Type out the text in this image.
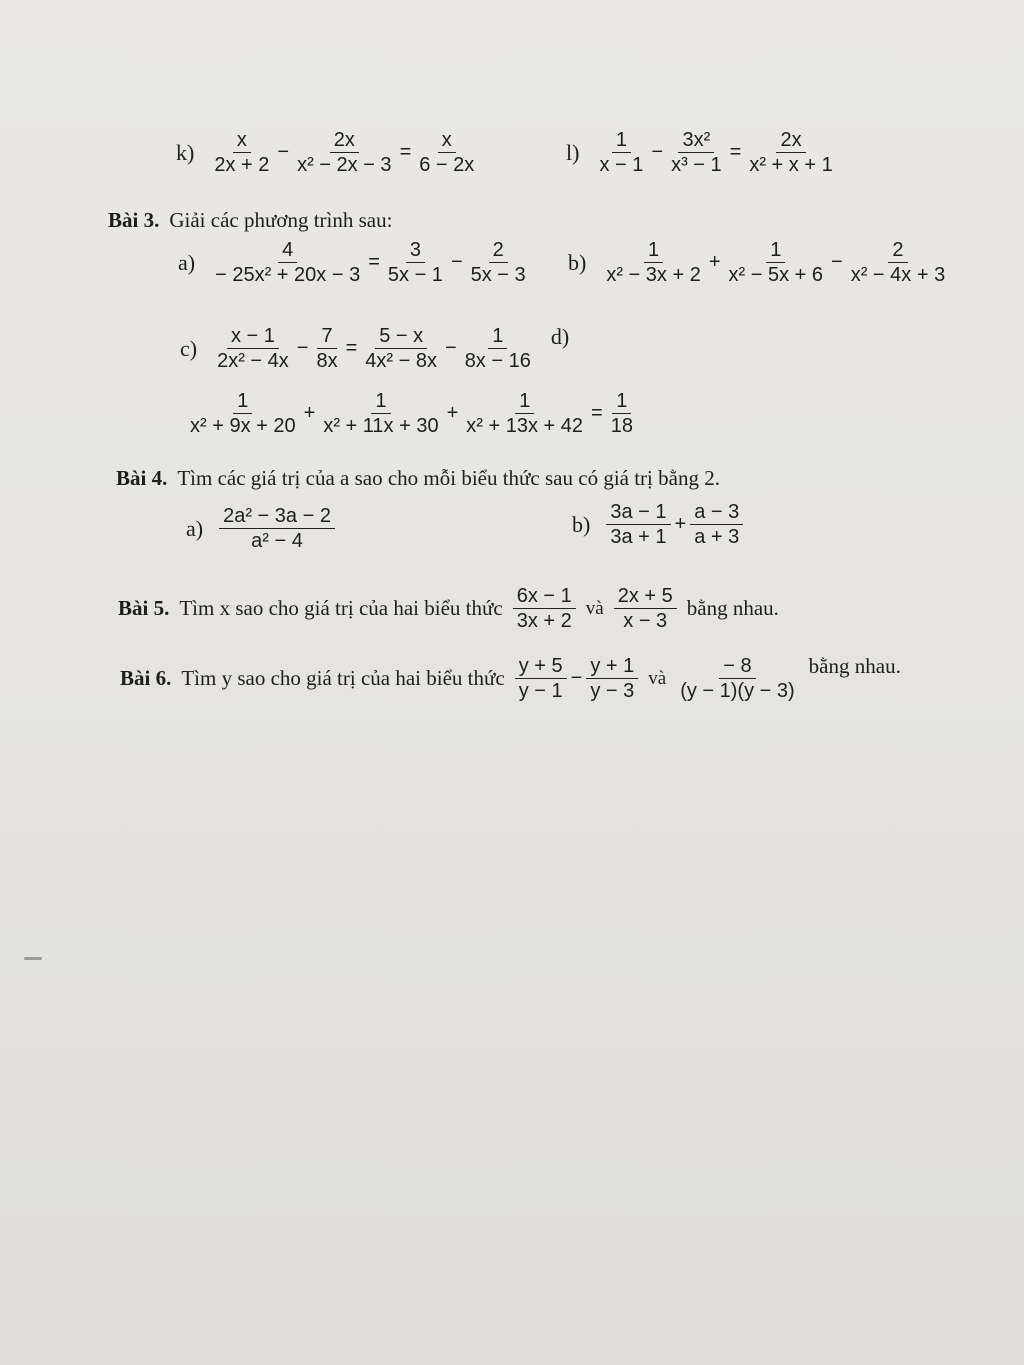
$k) \frac{x}{2x + 2} - \frac{2x}{\text{x² − 2x − 3}} = \frac{x}{6 - 2x}$	$l) \frac{1}{x - 1} - \frac{\text{3x²}}{\text{x³ − 1}} = \frac{2x}{\text{x² + x + 1}}$
Bài 3. Giải các phương trình sau:
$a) \frac{4}{\text{− 25x² + 20x − 3}} = \frac{3}{5x - 1} - \frac{2}{5x - 3} b) \frac{1}{\text{x² − 3x + 2}} + \frac{1}{\text{x² − 5x + 6}} - \frac{2}{\text{x² − 4x + 3}}$
$c) \frac{x - 1}{\text{2x² − 4x}} - \frac{7}{8x} = \frac{5 - x}{\text{4x² − 8x}} - \frac{1}{8x - 16} d$)
$\frac{1}{\text{x² + 9x + 20}} + \frac{1}{\text{x² + 11x + 30}} + \frac{1}{\text{x² + 13x + 42}} = \frac{1}{18}$
Bài 4. Tìm các giá trị của a sao cho mỗi biểu thức sau có giá trị bằng 2.
$a) \frac{\text{2a² − 3a − 2}}{\text{a² − 4}}$	$b) \frac{3a - 1}{3a + 1} + \frac{a - 3}{a + 3}$
Bài 5. Tìm x sao cho giá trị của hai biểu thức $\frac{6x - 1}{3x + 2}$ và $\frac{2x + 5}{x - 3}$ bằng nhau.
Bài 6. Tìm y sao cho giá trị của hai biểu thức $\frac{y + 5}{y - 1} - \frac{y + 1}{y - 3}$ và $\frac{- 8}{(y - 1)(y - 3)}$ bằng nhau.
